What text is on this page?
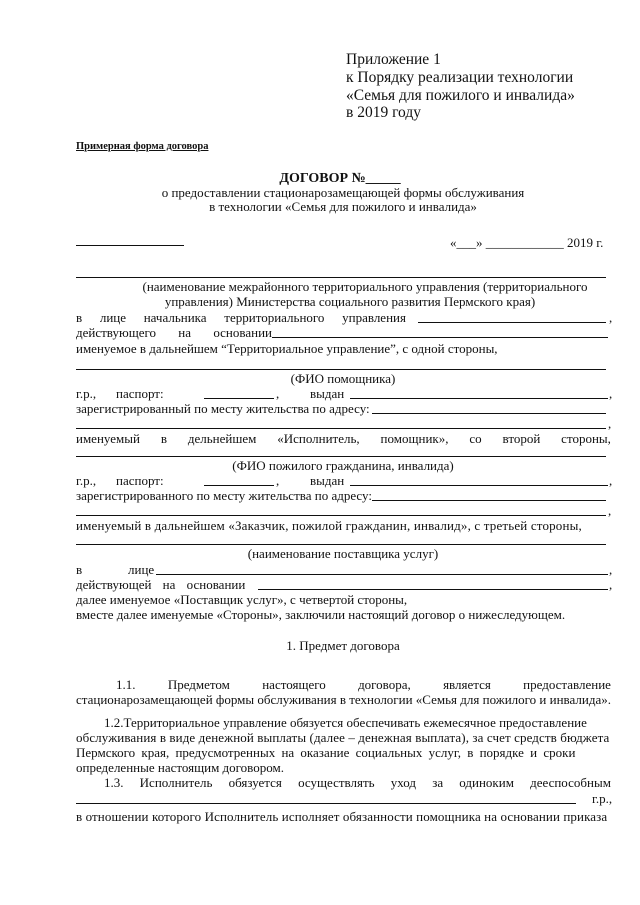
Приложение 1
к Порядку реализации технологии
«Семья для пожилого и инвалида»
в 2019 году
Примерная форма договора
ДОГОВОР №_____
о предоставлении стационарозамещающей формы обслуживания
в технологии «Семья для пожилого и инвалида»
«___» ____________ 2019 г.
(наименование межрайонного территориального управления (территориального
управления) Министерства социального развития Пермского края)
в лице начальника территориального управления	,
действующего на основании
именуемое в дальнейшем “Территориальное управление”, с одной стороны,
(ФИО помощника)
г.р., паспорт:	, выдан	,
зарегистрированный по месту жительства по адресу:
,
именуемый в дельнейшем «Исполнитель, помощник», со второй стороны,
(ФИО пожилого гражданина, инвалида)
г.р., паспорт:	, выдан	,
зарегистрированного по месту жительства по адресу:
,
именуемый в дальнейшем «Заказчик, пожилой гражданин, инвалид», с третьей стороны,
(наименование поставщика услуг)
в	лице	,
действующей на основании	,
далее именуемое «Поставщик услуг», с четвертой стороны,
вместе далее именуемые «Стороны», заключили настоящий договор о нижеследующем.
1. Предмет договора
1.1. Предметом настоящего договора, является предоставление
стационарозамещающей формы обслуживания в технологии «Семья для пожилого и инвалида».
1.2.Территориальное управление обязуется обеспечивать ежемесячное предоставление
обслуживания в виде денежной выплаты (далее – денежная выплата), за счет средств бюджета
Пермского края, предусмотренных на оказание социальных услуг, в порядке и сроки
определенные настоящим договором.
1.3. Исполнитель обязуется осуществлять уход за одиноким дееспособным
г.р.,
в отношении которого Исполнитель исполняет обязанности помощника на основании приказа
